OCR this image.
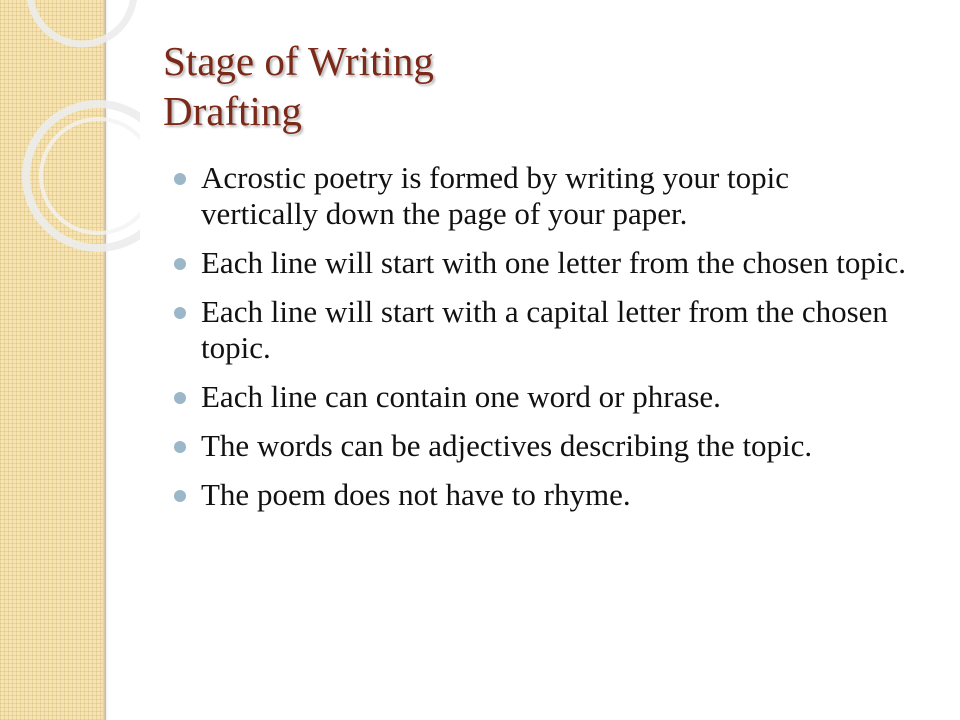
Stage of Writing
Drafting
Acrostic poetry is formed by writing your topic vertically down the page of your paper.
Each line will start with one letter from the chosen topic.
Each line will start with a capital letter from the chosen topic.
Each line can contain one word or phrase.
The words can be adjectives describing the topic.
The poem does not have to rhyme.
